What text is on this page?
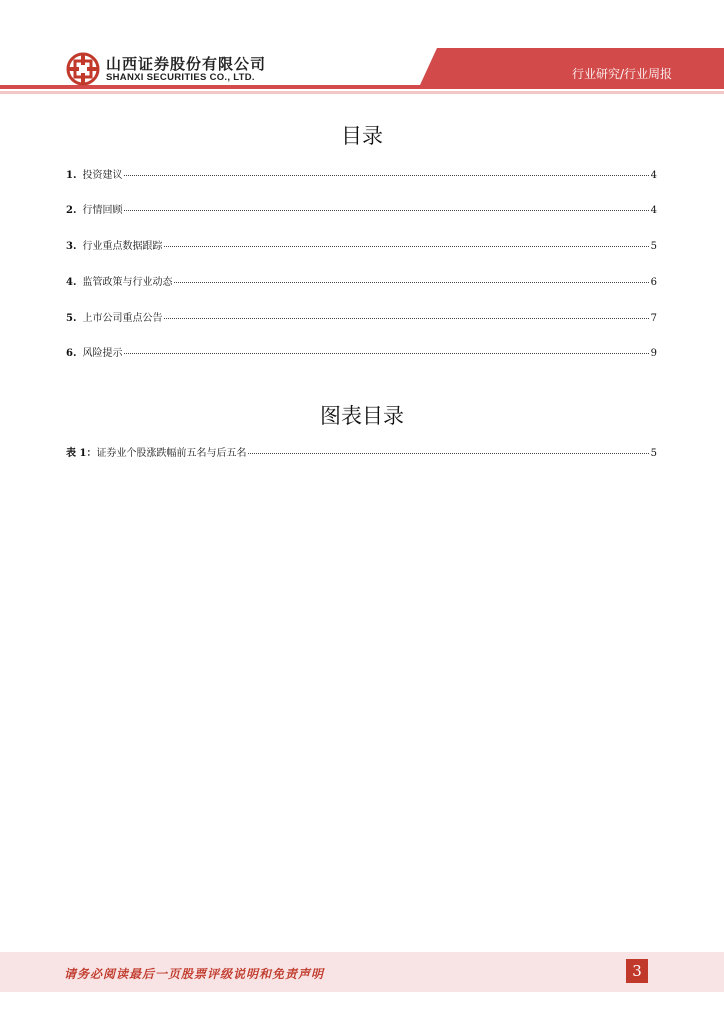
山西证券股份有限公司
SHANXI SECURITIES CO., LTD.	行业研究/行业周报
目录
1. 投资建议	4
2. 行情回顾	4
3. 行业重点数据跟踪	5
4. 监管政策与行业动态	6
5. 上市公司重点公告	7
6. 风险提示	9
图表目录
表 1： 证券业个股涨跌幅前五名与后五名	5
请务必阅读最后一页股票评级说明和免责声明	3
